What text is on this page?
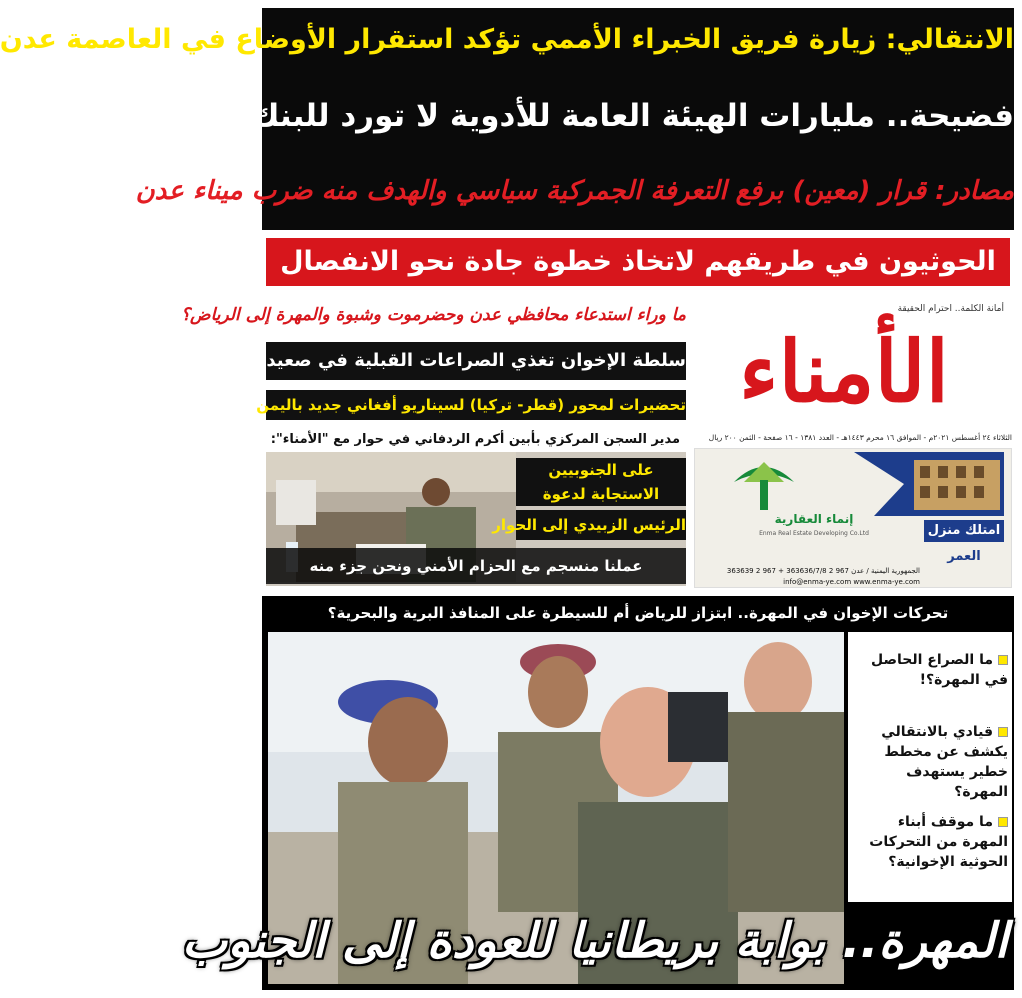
الانتقالي: زيارة فريق الخبراء الأممي تؤكد استقرار الأوضاع في العاصمة عدن
فضيحة.. مليارات الهيئة العامة للأدوية لا تورد للبنك المركزي!
مصادر: قرار (معين) برفع التعرفة الجمركية سياسي والهدف منه ضرب ميناء عدن
الحوثيون في طريقهم لاتخاذ خطوة جادة نحو الانفصال
ما وراء استدعاء محافظي عدن وحضرموت وشبوة والمهرة إلى الرياض؟
سلطة الإخوان تغذي الصراعات القبلية في صعيد شبوة
تحضيرات لمحور (قطر- تركيا) لسيناريو أفغاني جديد باليمن
أمانة الكلمة.. احترام الحقيقة
الأمناء
الثلاثاء ٢٤ أغسطس ٢٠٢١م - الموافق ١٦ محرم ١٤٤٣هـ - العدد ١٣٨١ - ١٦ صفحة - الثمن ٢٠٠ ريال
مدير السجن المركزي بأبين أكرم الردفاني في حوار مع "الأمناء":
على الجنوبيين الاستجابة لدعوة
الرئيس الزبيدي إلى الحوار
عملنا منسجم مع الحزام الأمني ونحن جزء منه
إنماء العقارية
Enma Real Estate Developing Co.Ltd	امتلك منزل
العمر
الجمهورية اليمنية / عدن 967 2 363636/7/8 + 967 2 363639
info@enma-ye.com www.enma-ye.com
تحركات الإخوان في المهرة.. ابتزاز للرياض أم للسيطرة على المنافذ البرية والبحرية؟
ما الصراع الحاصل في المهرة؟!
قيادي بالانتقالي يكشف عن مخطط خطير يستهدف المهرة؟
ما موقف أبناء المهرة من التحركات الحوثية الإخوانية؟
المهرة.. بوابة بريطانيا للعودة إلى الجنوب
